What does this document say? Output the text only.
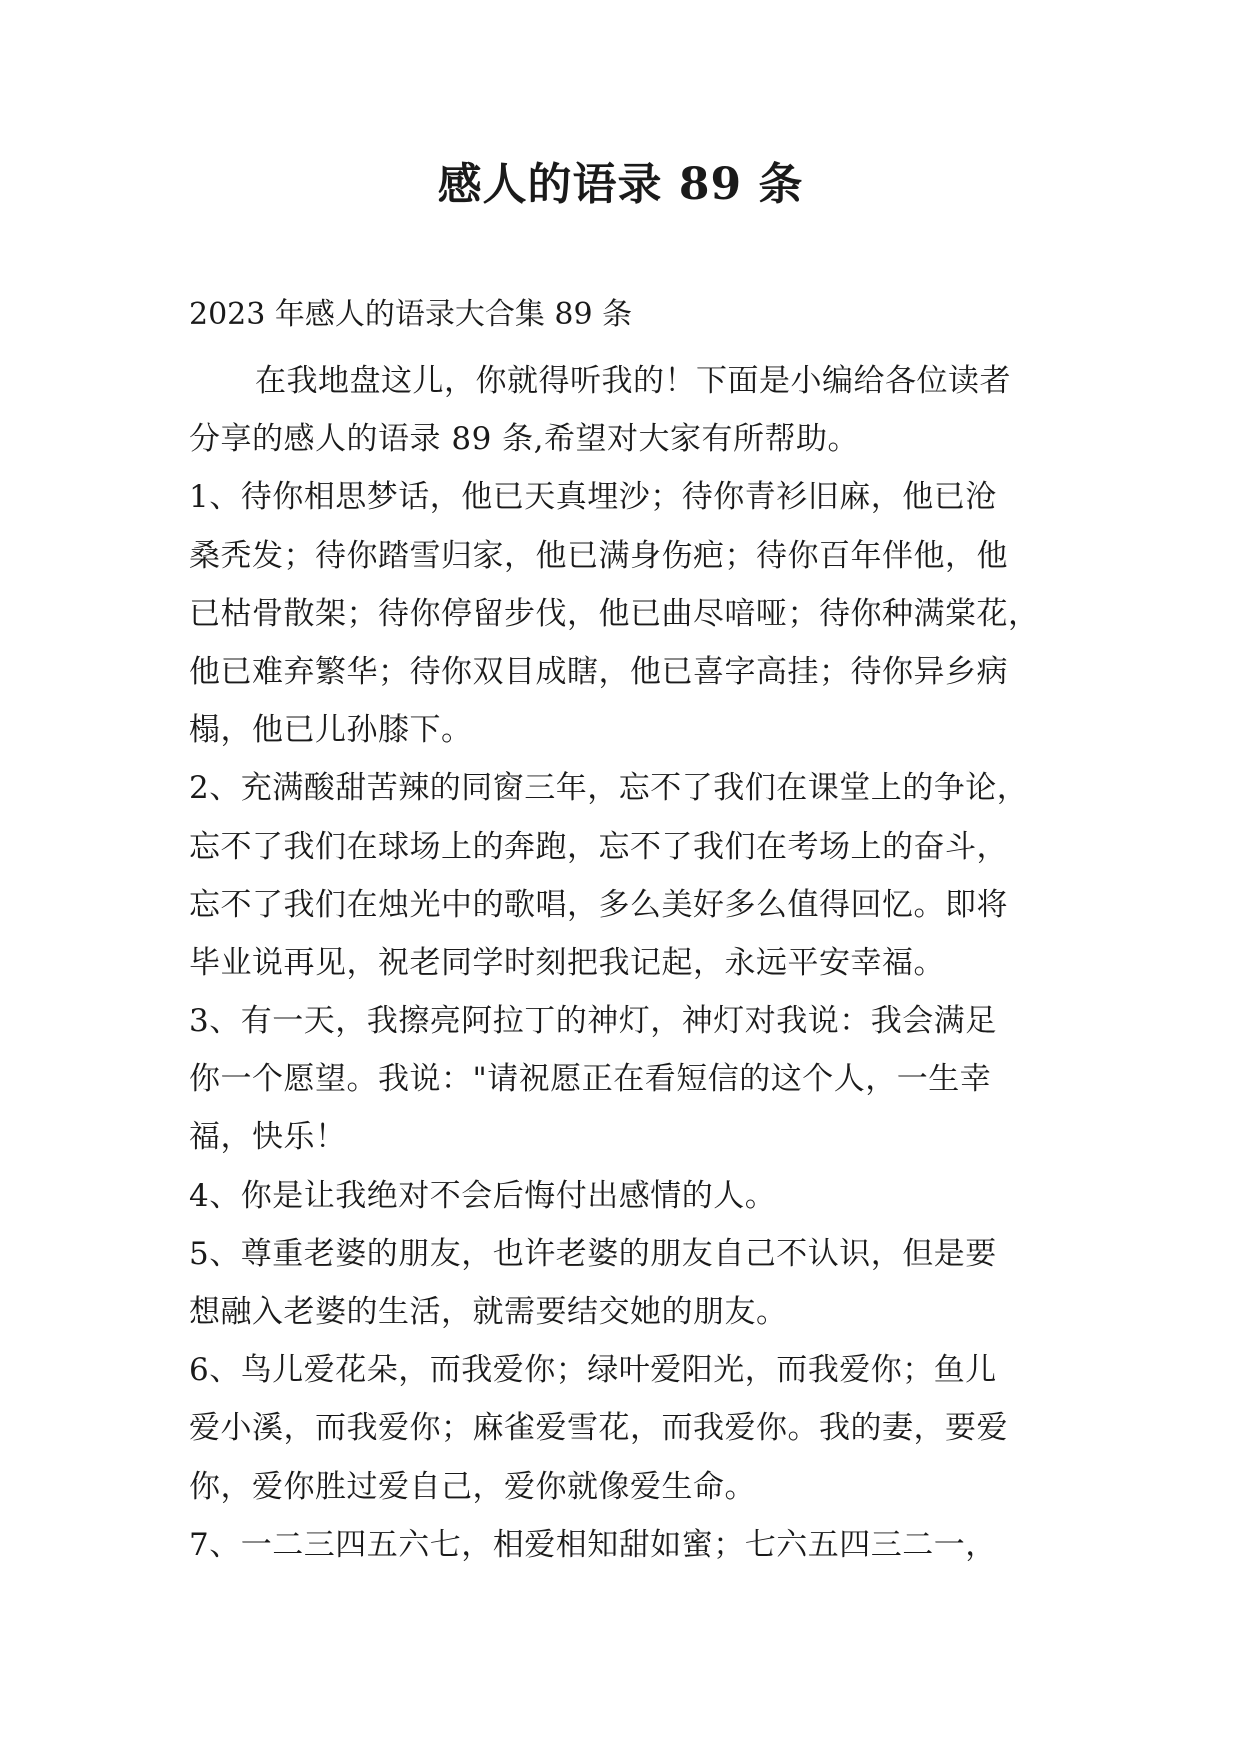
感人的语录 89 条
2023 年感人的语录大合集 89 条
在我地盘这儿，你就得听我的！下面是小编给各位读者
分享的感人的语录 89 条,希望对大家有所帮助。
1、待你相思梦话，他已天真埋沙；待你青衫旧麻，他已沧
桑秃发；待你踏雪归家，他已满身伤疤；待你百年伴他，他
已枯骨散架；待你停留步伐，他已曲尽喑哑；待你种满棠花，
他已难弃繁华；待你双目成瞎，他已喜字高挂；待你异乡病
榻，他已儿孙膝下。
2、充满酸甜苦辣的同窗三年，忘不了我们在课堂上的争论，
忘不了我们在球场上的奔跑，忘不了我们在考场上的奋斗，
忘不了我们在烛光中的歌唱，多么美好多么值得回忆。即将
毕业说再见，祝老同学时刻把我记起，永远平安幸福。
3、有一天，我擦亮阿拉丁的神灯，神灯对我说：我会满足
你一个愿望。我说："请祝愿正在看短信的这个人，一生幸
福，快乐！
4、你是让我绝对不会后悔付出感情的人。
5、尊重老婆的朋友，也许老婆的朋友自己不认识，但是要
想融入老婆的生活，就需要结交她的朋友。
6、鸟儿爱花朵，而我爱你；绿叶爱阳光，而我爱你；鱼儿
爱小溪，而我爱你；麻雀爱雪花，而我爱你。我的妻，要爱
你，爱你胜过爱自己，爱你就像爱生命。
7、一二三四五六七，相爱相知甜如蜜；七六五四三二一，
